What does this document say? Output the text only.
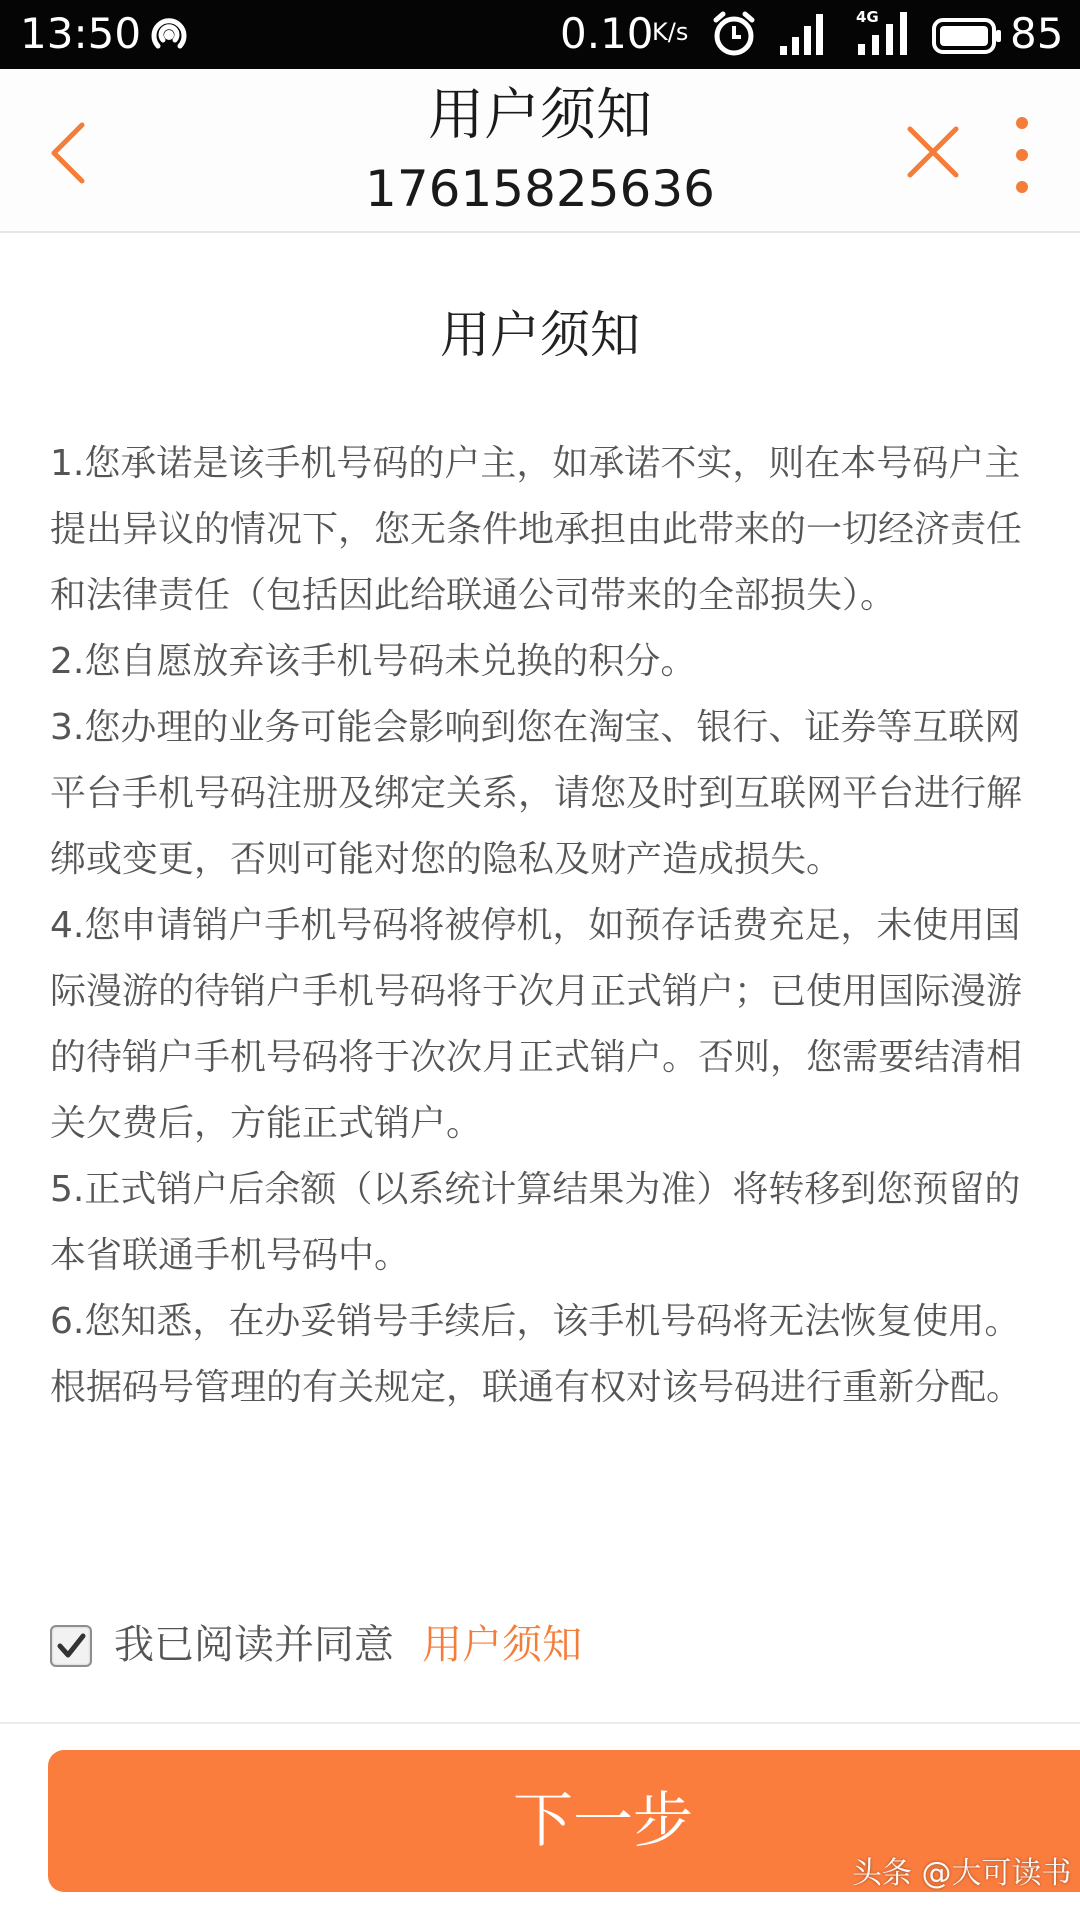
13:50	0.10
K/s
4G	85
用户须知
17615825636
用户须知

1.您承诺是该手机号码的户主，如承诺不实，则在本号码户主提出异议的情况下，您无条件地承担由此带来的一切经济责任和法律责任（包括因此给联通公司带来的全部损失）。

2.您自愿放弃该手机号码未兑换的积分。

3.您办理的业务可能会影响到您在淘宝、银行、证券等互联网平台手机号码注册及绑定关系，请您及时到互联网平台进行解绑或变更，否则可能对您的隐私及财产造成损失。

4.您申请销户手机号码将被停机，如预存话费充足，未使用国际漫游的待销户手机号码将于次月正式销户；已使用国际漫游的待销户手机号码将于次次月正式销户。否则，您需要结清相关欠费后，方能正式销户。

5.正式销户后余额（以系统计算结果为准）将转移到您预留的本省联通手机号码中。

6.您知悉，在办妥销号手续后，该手机号码将无法恢复使用。根据码号管理的有关规定，联通有权对该号码进行重新分配。

我已阅读并同意 用户须知
下一步
头条 @大可读书
